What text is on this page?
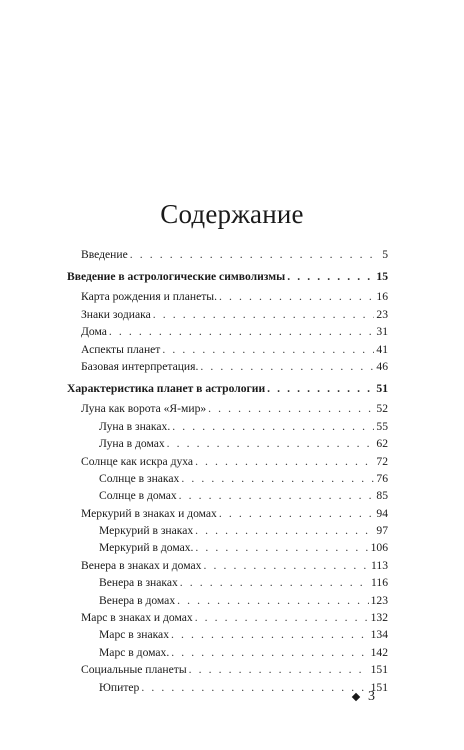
Содержание
Введение . . .	5
Введение в астрологические символизмы . . .	15
Карта рождения и планеты. . . .	16
Знаки зодиака . . .	23
Дома . . .	31
Аспекты планет . . .	41
Базовая интерпретация. . . .	46
Характеристика планет в астрологии . . .	51
Луна как ворота «Я-мир» . . .	52
Луна в знаках. . . .	55
Луна в домах . . .	62
Солнце как искра духа . . .	72
Солнце в знаках . . .	76
Солнце в домах . . .	85
Меркурий в знаках и домах . . .	94
Меркурий в знаках . . .	97
Меркурий в домах. . . .	106
Венера в знаках и домах . . .	113
Венера в знаках . . .	116
Венера в домах . . .	123
Марс в знаках и домах . . .	132
Марс в знаках . . .	134
Марс в домах. . . .	142
Социальные планеты . . .	151
Юпитер . . .	151
3
